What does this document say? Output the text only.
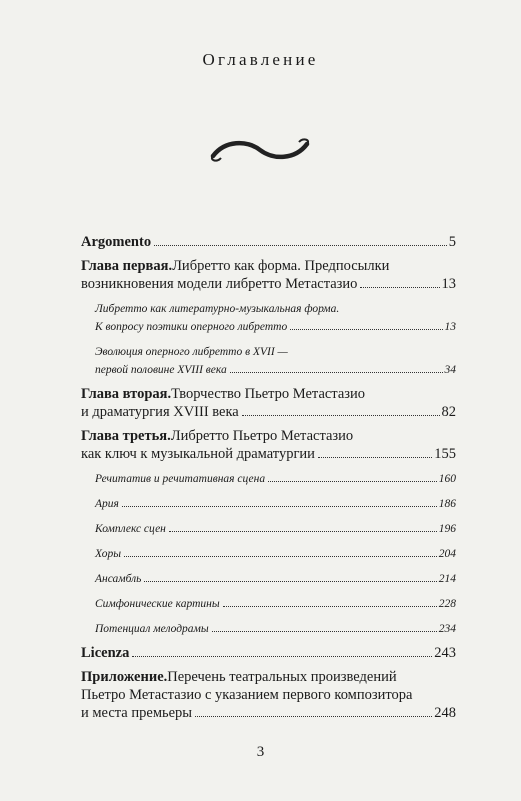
Оглавление
Argomento	5
Глава первая. Либретто как форма. Предпосылки
возникновения модели либретто Метастазио	13
Либретто как литературно-музыкальная форма.
К вопросу поэтики оперного либретто	13
Эволюция оперного либретто в XVII —
первой половине XVIII века	34
Глава вторая. Творчество Пьетро Метастазио
и драматургия XVIII века	82
Глава третья. Либретто Пьетро Метастазио
как ключ к музыкальной драматургии	155
Речитатив и речитативная сцена	160
Ария	186
Комплекс сцен	196
Хоры	204
Ансамбль	214
Симфонические картины	228
Потенциал мелодрамы	234
Licenza	243
Приложение. Перечень театральных произведений
Пьетро Метастазио с указанием первого композитора
и места премьеры	248
3
